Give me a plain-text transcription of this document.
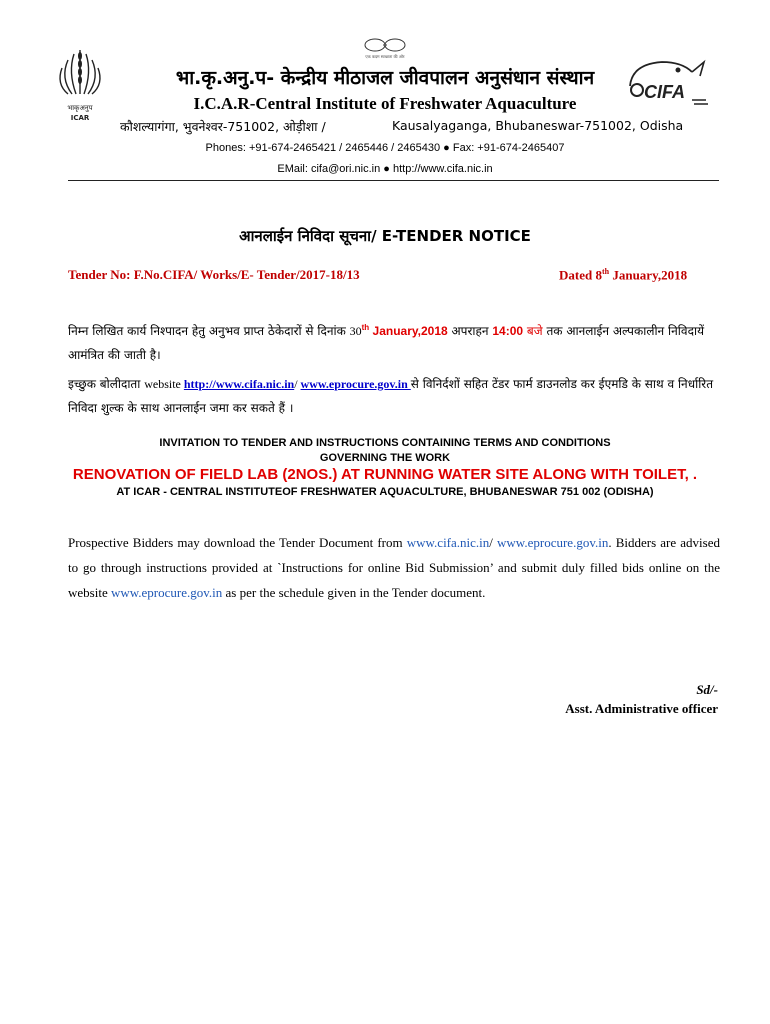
भाकृअनुप
ICAR
एक कदम स्वच्छता की ओर
CIFA
भा.कृ.अनु.प- केन्द्रीय मीठाजल जीवपालन अनुसंधान संस्थान
I.C.A.R-Central Institute of Freshwater Aquaculture
कौशल्यागंगा, भुवनेश्वर-751002, ओड़ीशा /	Kausalyaganga, Bhubaneswar-751002, Odisha
Phones: +91-674-2465421 / 2465446 / 2465430 ● Fax: +91-674-2465407
EMail: cifa@ori.nic.in ● http://www.cifa.nic.in
आनलाईन निविदा सूचना/ E-TENDER NOTICE
Tender No: F.No.CIFA/ Works/E- Tender/2017-18/13	Dated 8th January,2018
निम्न लिखित कार्य निश्पादन हेतु अनुभव प्राप्त ठेकेदारों से दिनांक 30th January,2018 अपराहन 14:00 बजे तक आनलाईन अल्पकालीन निविदायें आमंत्रित की जाती है।
इच्छुक बोलीदाता website http://www.cifa.nic.in/ www.eprocure.gov.in से विनिर्दशों सहित टेंडर फार्म डाउनलोड कर ईएमडि के साथ व निर्धारित निविदा शुल्क के साथ आनलाईन जमा कर सकते हैं ।
INVITATION TO TENDER AND INSTRUCTIONS CONTAINING TERMS AND CONDITIONS
GOVERNING THE WORK
RENOVATION OF FIELD LAB (2NOS.) AT RUNNING WATER SITE ALONG WITH TOILET, .
AT ICAR - CENTRAL INSTITUTEOF FRESHWATER AQUACULTURE, BHUBANESWAR 751 002 (ODISHA)
Prospective Bidders may download the Tender Document from www.cifa.nic.in/ www.eprocure.gov.in. Bidders are advised to go through instructions provided at `Instructions for online Bid Submission’ and submit duly filled bids online on the website www.eprocure.gov.in as per the schedule given in the Tender document.
Sd/-
Asst. Administrative officer
